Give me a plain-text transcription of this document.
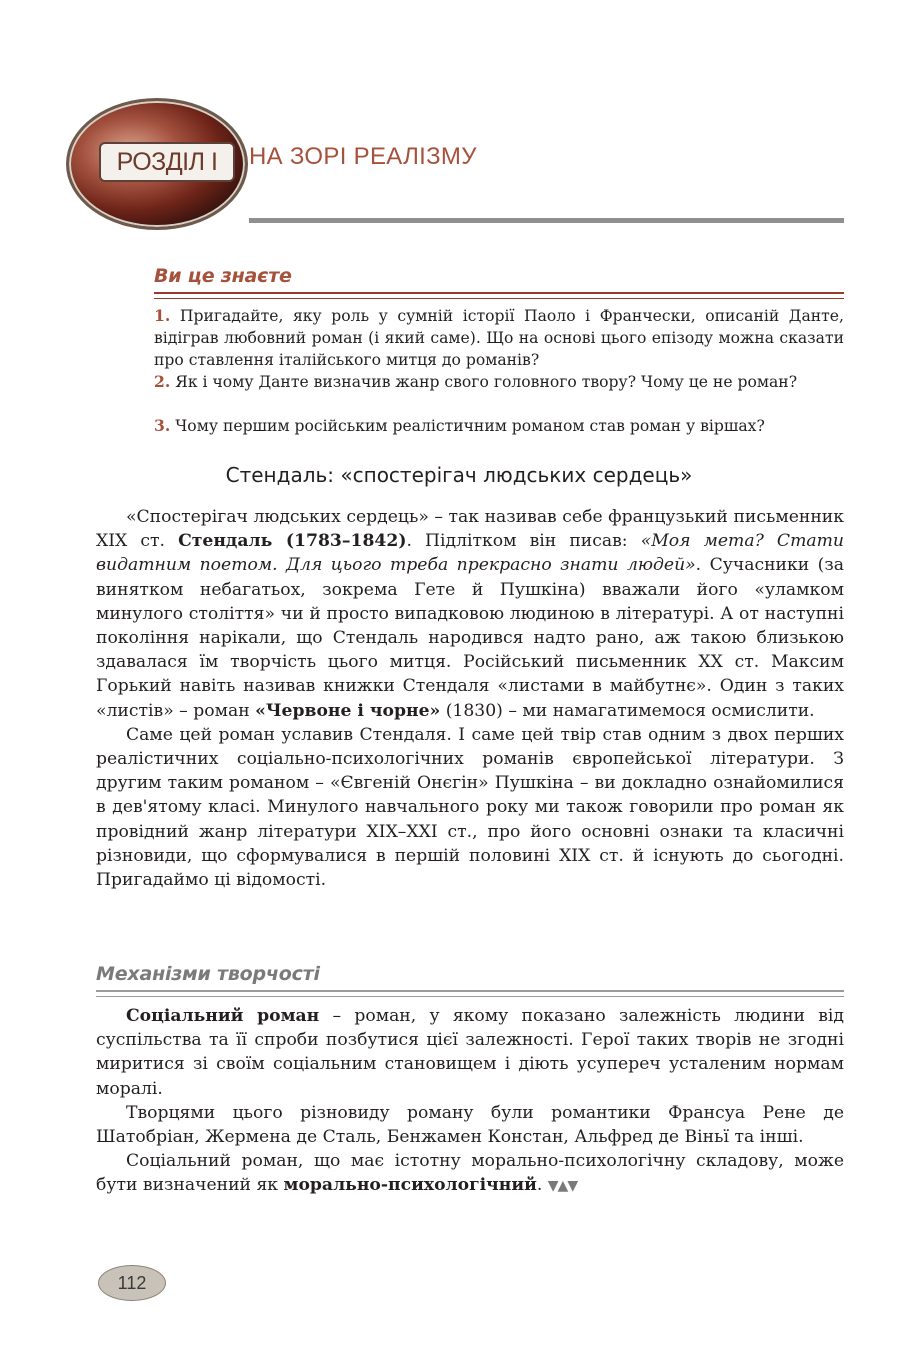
РОЗДІЛ І	НА ЗОРІ РЕАЛІЗМУ
Ви це знаєте
1. Пригадайте, яку роль у сумній історії Паоло і Франчески, описаній Данте, відіграв любовний роман (і який саме). Що на основі цього епізоду можна сказати про ставлення італійського митця до романів?
2. Як і чому Данте визначив жанр свого головного твору? Чому це не роман?
3. Чому першим російським реалістичним романом став роман у віршах?
Стендаль: «спостерігач людських сердець»

«Спостерігач людських сердець» – так називав себе французький письменник XIX ст. Стендаль (1783–1842). Підлітком він писав: «Моя мета? Стати видатним поетом. Для цього треба прекрасно знати людей». Сучасники (за винятком небагатьох, зокрема Гете й Пушкіна) вважали його «уламком минулого століття» чи й просто випадковою людиною в літературі. А от наступні покоління нарікали, що Стендаль народився надто рано, аж такою близькою здавалася їм творчість цього митця. Російський письменник XX ст. Максим Горький навіть називав книжки Стендаля «листами в майбутнє». Один з таких «листів» – роман «Червоне і чорне» (1830) – ми намагатимемося осмислити.

Саме цей роман уславив Стендаля. І саме цей твір став одним з двох перших реалістичних соціально-психологічних романів європейської літератури. З другим таким романом – «Євгеній Онєгін» Пушкіна – ви докладно ознайомилися в дев'ятому класі. Минулого навчального року ми також говорили про роман як провідний жанр літератури XIX–XXI ст., про його основні ознаки та класичні різновиди, що сформувалися в першій половині XIX ст. й існують до сьогодні. Пригадаймо ці відомості.

Механізми творчості

Соціальний роман – роман, у якому показано залежність людини від суспільства та її спроби позбутися цієї залежності. Герої таких творів не згодні миритися зі своїм соціальним становищем і діють усупереч усталеним нормам моралі.

Творцями цього різновиду роману були романтики Франсуа Рене де Шатобріан, Жермена де Сталь, Бенжамен Констан, Альфред де Віньї та інші.

Соціальний роман, що має істотну морально-психологічну складову, може бути визначений як морально-психологічний. ▼▲▼

112
